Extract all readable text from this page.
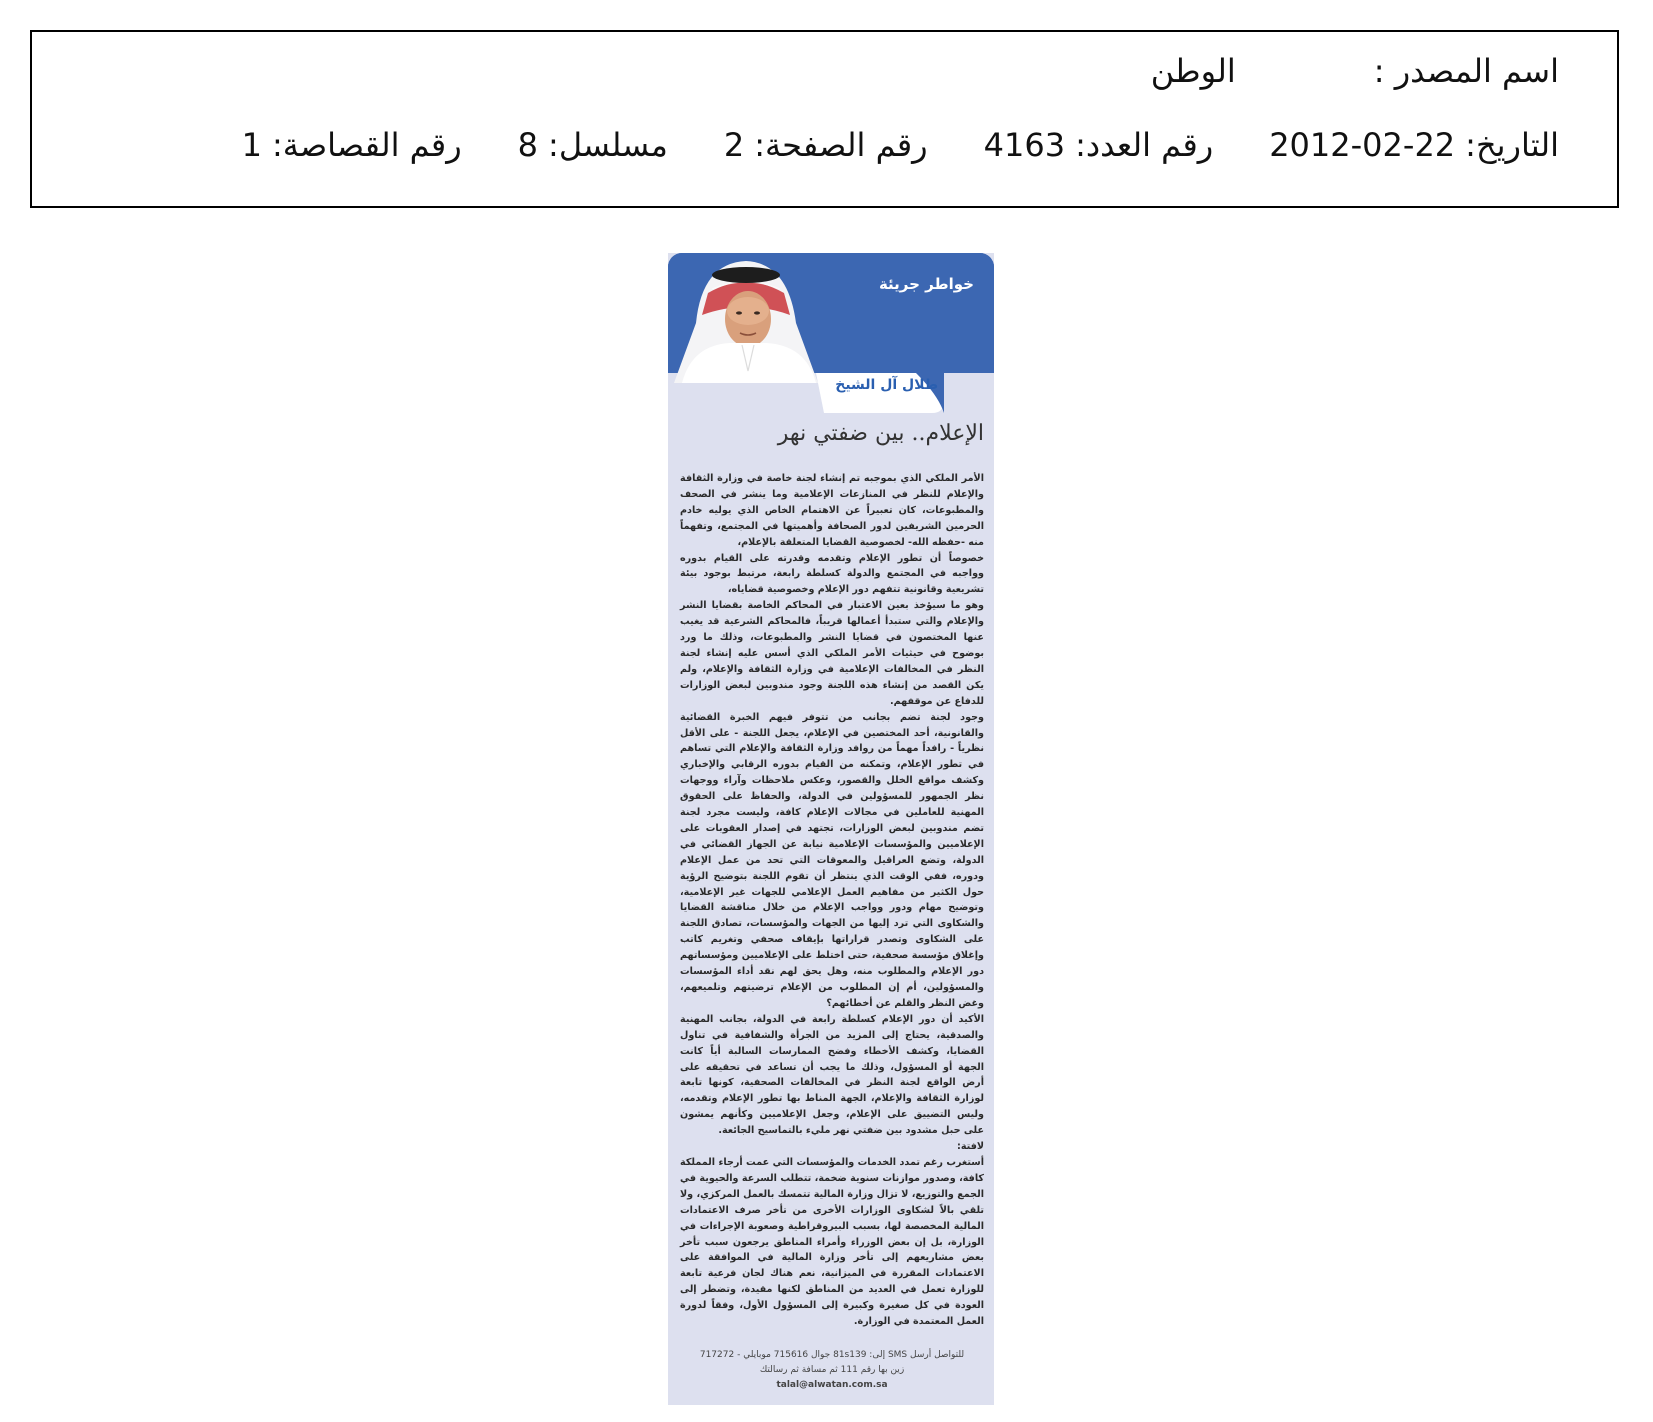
اسم المصدر :
الوطن
التاريخ:
2012-02-22
رقم العدد:
4163
رقم الصفحة:
2
مسلسل:
8
رقم القصاصة:
1
خواطر جريئة
طلال آل الشيخ
الإعلام.. بين ضفتي نهر

الأمر الملكي الذي بموجبه تم إنشاء لجنة خاصة في وزارة الثقافة والإعلام للنظر في المنازعات الإعلامية وما ينشر في الصحف والمطبوعات، كان تعبيراً عن الاهتمام الخاص الذي يوليه خادم الحرمين الشريفين لدور الصحافة وأهميتها في المجتمع، وتفهماً منه -حفظه الله- لخصوصية القضايا المتعلقة بالإعلام،

خصوصاً أن تطور الإعلام وتقدمه وقدرته على القيام بدوره وواجبه في المجتمع والدولة كسلطة رابعة، مرتبط بوجود بيئة تشريعية وقانونية تتفهم دور الإعلام وخصوصية قضاياه،

وهو ما سيؤخذ بعين الاعتبار في المحاكم الخاصة بقضايا النشر والإعلام والتي ستبدأ أعمالها قريباً، فالمحاكم الشرعية قد يغيب عنها المختصون في قضايا النشر والمطبوعات، وذلك ما ورد بوضوح في حيثيات الأمر الملكي الذي أسس عليه إنشاء لجنة النظر في المخالفات الإعلامية في وزارة الثقافة والإعلام، ولم يكن القصد من إنشاء هذه اللجنة وجود مندوبين لبعض الوزارات للدفاع عن موقفهم.

وجود لجنة تضم بجانب من تتوفر فيهم الخبرة القضائية والقانونية، أحد المختصين في الإعلام، يجعل اللجنة - على الأقل نظرياً - رافداً مهماً من روافد وزارة الثقافة والإعلام التي تساهم في تطور الإعلام، وتمكنه من القيام بدوره الرقابي والإخباري وكشف مواقع الخلل والقصور، وعكس ملاحظات وآراء ووجهات نظر الجمهور للمسؤولين في الدولة، والحفاظ على الحقوق المهنية للعاملين في مجالات الإعلام كافة، وليست مجرد لجنة تضم مندوبين لبعض الوزارات، تجتهد في إصدار العقوبات على الإعلاميين والمؤسسات الإعلامية نيابة عن الجهاز القضائي في الدولة، وتضع العراقيل والمعوقات التي تحد من عمل الإعلام ودوره، ففي الوقت الذي ينتظر أن تقوم اللجنة بتوضيح الرؤية حول الكثير من مفاهيم العمل الإعلامي للجهات غير الإعلامية، وتوضيح مهام ودور وواجب الإعلام من خلال مناقشة القضايا والشكاوى التي ترد إليها من الجهات والمؤسسات، تصادق اللجنة على الشكاوى وتصدر قراراتها بإيقاف صحفي وتغريم كاتب وإغلاق مؤسسة صحفية، حتى اختلط على الإعلاميين ومؤسساتهم دور الإعلام والمطلوب منه، وهل يحق لهم نقد أداء المؤسسات والمسؤولين، أم إن المطلوب من الإعلام ترضيتهم وتلميعهم، وغض النظر والقلم عن أخطائهم؟

الأكيد أن دور الإعلام كسلطة رابعة في الدولة، بجانب المهنية والصدقية، يحتاج إلى المزيد من الجرأة والشفافية في تناول القضايا، وكشف الأخطاء وفضح الممارسات السالبة أياً كانت الجهة أو المسؤول، وذلك ما يجب أن تساعد في تحقيقه على أرض الواقع لجنة النظر في المخالفات الصحفية، كونها تابعة لوزارة الثقافة والإعلام، الجهة المناط بها تطور الإعلام وتقدمه، وليس التضييق على الإعلام، وجعل الإعلاميين وكأنهم يمشون على حبل مشدود بين ضفتي نهر مليء بالتماسيح الجائعة.

لافتة:

أستغرب رغم تمدد الخدمات والمؤسسات التي عمت أرجاء المملكة كافة، وصدور موازنات سنوية ضخمة، تتطلب السرعة والحيوية في الجمع والتوزيع، لا تزال وزارة المالية تتمسك بالعمل المركزي، ولا تلقي بالاً لشكاوى الوزارات الأخرى من تأخر صرف الاعتمادات المالية المخصصة لها، بسبب البيروقراطية وصعوبة الإجراءات في الوزارة، بل إن بعض الوزراء وأمراء المناطق يرجعون سبب تأخر بعض مشاريعهم إلى تأخر وزارة المالية في الموافقة على الاعتمادات المقررة في الميزانية، نعم هناك لجان فرعية تابعة للوزارة تعمل في العديد من المناطق لكنها مقيدة، وتضطر إلى العودة في كل صغيرة وكبيرة إلى المسؤول الأول، وفقاً لدورة العمل المعتمدة في الوزارة.

للتواصل أرسل SMS إلى: 81s139 جوال 715616 موبايلي - 717272
زين بها رقم 111 ثم مسافة ثم رسالتك
talal@alwatan.com.sa
